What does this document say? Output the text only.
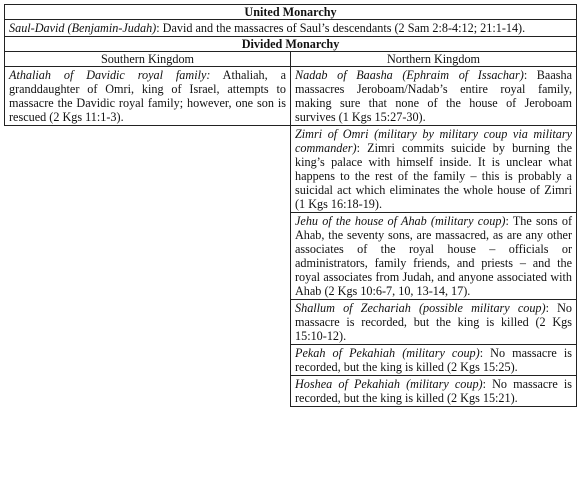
United Monarchy	
Saul-David (Benjamin-Judah): David and the massacres of Saul’s descendants (2 Sam 2:8-4:12; 21:1-14).	
Divided Monarchy	
Southern Kingdom	Northern Kingdom
Athaliah of Davidic royal family: Athaliah, a granddaughter of Omri, king of Israel, attempts to massacre the Davidic royal family; however, one son is rescued (2 Kgs 11:1-3).	Nadab of Baasha (Ephraim of Issachar): Baasha massacres Jeroboam/Nadab’s entire royal family, making sure that none of the house of Jeroboam survives (1 Kgs 15:27-30).
	Zimri of Omri (military by military coup via military commander): Zimri commits suicide by burning the king’s palace with himself inside. It is unclear what happens to the rest of the family – this is probably a suicidal act which eliminates the whole house of Zimri (1 Kgs 16:18-19).
	Jehu of the house of Ahab (military coup): The sons of Ahab, the seventy sons, are massacred, as are any other associates of the royal house – officials or administrators, family friends, and priests – and the royal associates from Judah, and anyone associated with Ahab (2 Kgs 10:6-7, 10, 13-14, 17).
	Shallum of Zechariah (possible military coup): No massacre is recorded, but the king is killed (2 Kgs 15:10-12).
	Pekah of Pekahiah (military coup): No massacre is recorded, but the king is killed (2 Kgs 15:25).
	Hoshea of Pekahiah (military coup): No massacre is recorded, but the king is killed (2 Kgs 15:21).
